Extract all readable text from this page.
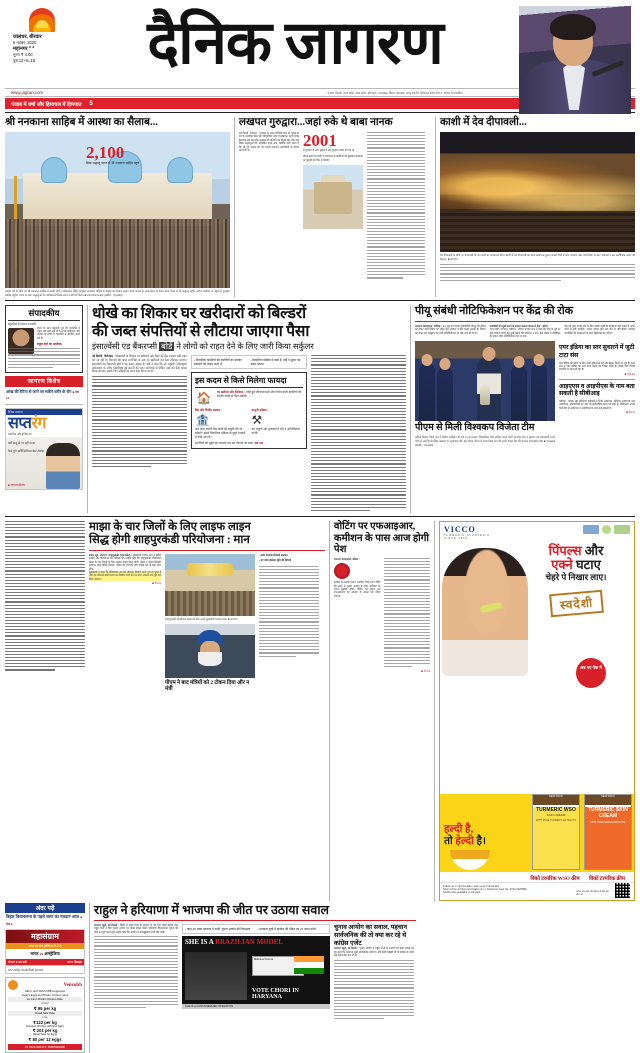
जालंधर, बीरवार
6 नवंबर, 2025
महानगर * *
मूल्य ₹ 4.00
पृष्ठ 12+6=18	दैनिक जागरण
www.jagran.com	पंजाब, दिल्ली, उत्तर प्रदेश, मध्य प्रदेश, हरियाणा, उत्तराखंड, बिहार, झारखंड, जम्मू कश्मीर, हिमाचल प्रदेश और प. बंगाल से प्रकाशित
पंजाब में वर्षा और हिमाचल में हिमपात	5
श्री ननकाना साहिब में आस्था का सैलाब...
2,100
सिख श्रद्धालु भारत से श्री ननकाना साहिब पहुंचे
प्रकाश पर्व के मौके पर श्री ननकाना साहिब में उमड़ी संगत। पाकिस्तान स्थित गुरुद्वारा ननकाना साहिब में आस्था का सैलाब उमड़ा। बाबा नानक के जन्म स्थान के दर्शन करने भारत से भी श्रद्धालु पहुंचे। जत्था जत्थेदार के नेतृत्व में गुरुद्वारा साहिब पहुंचा। भारत से आए श्रद्धालुओं का पाकिस्तानी सिख संगत ने स्वागत किया। ■ जागरण/एएनआइ (तस्वीर : एएनआइ)
लखपत गुरुद्वारा...जहां रुके थे बाबा नानक
नई दिल्ली, जागरण : गुजरात के उत्तर-पश्चिमी छोर पर कच्छ के रण के नजदीक बसा एक ऐतिहासिक शहर है लखपत। कभी संपन्न बंदरगाह रहा यह शहर लखपत दो सदियों तक वीरान रहा। फिर यह सिख श्रद्धालुओं को आकर्षित करने लगा, क्योंकि माना जाता है कि श्री गुरु नानक देव जी अपनी यात्राओं (उदासियों) के दौरान यहां रुके थे।
2001
में गुजरात में आए भूकंप में यह गुरुद्वारा ध्वस्त हो गया था
सीएम बनने पर मोदी ने राजस्थान से कारीगरों को बुलाकर करवाया था गुरुद्वारे का फिर से निर्माण
काशी में देव दीपावली...
देव दीपावली के मौके पर वाराणसी के गंगा घाटों पर जगमगाते दीये। काशी में देव दीपावली का भव्य आयोजन हुआ। लाखों दीयों से घाट जगमगा उठे। देश-विदेश से आए पर्यटकों ने इस अलौकिक नजारे को निहारा। ■ जागरण
संपादकीय
बहुजनियों की कैलाश राजनीति:
राज्य के साथ बहुजनी चुप ही राजनीति में उभरा लगे और अब तो वे अपने कार्यकर्ता और दलितों के लोगों में राजनीति में स्थापित करने लगे हैं।
राहुल वर्मा का आलेख।
जागरण विशेष
आंख की रेटिना से जाने जा सकेंगे शरीर के रोग ■ पेज 11
दैनिक जागरण
सप्तरंग
तकनीक और दुनिया का
क्यों बाजुओं पर नहीं गएगा
कैसे चुनें आर्टिफिशियल बेस्ट टेबलेट
■ जागरण/विशेष
धोखे का शिकार घर खरीदारों को बिल्डरों
की जब्त संपत्तियों से लौटाया जाएगा पैसा
इंसाल्वेंसी एंड बैंकरप्सी बोर्ड ने लोगों को राहत देने के लिए जारी किया सर्कुलर
नई दिल्ली, पीटीआइ : धोखाधड़ी के शिकार घर खरीदारों और बैंकों को केंद्र सरकार बड़ी राहत देने जा रही है। बिल्डरों की जब्त संपत्तियों से अब घर खरीदारों को पैसा लौटाया जाएगा। इंसाल्वेंसी एंड बैंकरप्सी बोर्ड ने यह कदम उठाया है। बोर्ड ने कहा कि नए सर्कुलर रेजोल्यूशन प्रोफेशनल के जरिए दिवालिया हुई कंपनी की जब्त संपत्तियों से पीड़ित पक्षों को पैसा वापस किया जाएगा। इसके लिए प्रक्रिया को सरल बना दिया गया है।
• दिवालिया कंपनियों की संपत्तियों का उपयोग हक़दारों को वापस करने में
• दिवालिया प्रक्रिया में कमी है, बोर्ड ने सुधार का कदम उठाया
इस कदम से किसे मिलेगा फायदा
🏠	घर खरीदार और निवेशक : रुकी हुई परियोजनाओं और निवेश वाली कंपनियों की संपत्ति जल्दी से मिल सकेगी।
बैंक और वित्तीय संस्थान :
🏦
अब जब्त संपत्ति बैंक कर्जों की वसूली की जा सकेगी। इससे दिवालिया प्रक्रिया के दूसरे मामलों में तेजी आएगी।
कानूनी प्रक्रिया :
⚒
कर वसूली और मुकदमों में देरी व अनिश्चितता घटेगी।
संपत्तियों को मुक्त कर प्रचलन पथ को लौटाया जा सके। जब एक
पीयू संबंधी नोटिफिकेशन पर केंद्र की रोक
जागरण संवाददाता, चंडीगढ़ : 14 जून को पंजाब यूनिवर्सिटी (पीयू) की सीनेट को लेकर जारी विवाद को लेकर केंद्र सरकार ने बड़ा कदम उठाया है। विवाद को लेकर 28 अक्टूबर को जारी नोटिफिकेशन पर रोक लगा दी गई है।
पंजाबियों को मुर्ख बनाने के बजाय फैसला वापस ले केंद्र : सीएम
राज्य बड़ी, जागरण- चंडीगढ़ : सीएम भगवंत मान ने कहा कि पीयू के मुद्दे पर केंद्र सरकार लोगों को मुर्ख बनाने की कोशिश न करे। केंद्र सीनेट व सिंडिकेट को लेकर जारी नोटिफिकेशन को रद करे।
केंद्र को तुरंत वापस लेने के लिए उसके शब्दों के इस्तेमाल वाले शब्दों से अपने वादों से नहीं भटकेंगे। आदेश वापस होने तक चैन से नहीं बैठेंगे। सरकार पंजाबियों की भावनाओं के साथ खिलवाड़ कर रही है।
पीएम से मिली विश्वकप विजेता टीम
महिला क्रिकेट विश्व कप में दक्षिण अफ्रीका को 52 रन से हराकर ऐतिहासिक जीत हासिल करने वाली भारतीय टीम ने बुधवार को प्रधानमंत्री नरेन्द्र मोदी से नई दिल्ली स्थित आवास पर मुलाकात की। इस दौरान पीएम के साथ विश्व कप की ट्राफी पकड़े टीम की कप्तान हरमनप्रीत कौर ■ एएनआइ (तस्वीर : एएनआइ)
एयर इंडिया का स्तर सुधारने में जुटी टाटा संस
एयर इंडिया की उड़ान के लिए यात्री सुविधाओं को और बेहतर किया जा रहा है। टाटा संस ने एयर इंडिया का स्तर ऊंचा उठाने का जिम्मा लिया है। इसके लिए विशेष रणनीति पर काम हो रहा है।
■ पेज-11
आइएएस व आइपीएस के नाम बता सकती है सीबीआइ
चंडीगढ़ : पंजाब और हरियाणा हाईकोर्ट ने निजी अस्पताल, सीनियर आइएएस तथा आइपीएस अधिकारियों का नाम भी सार्वजनिक करने को कहा है। सीबीआइ अपनी चार्जशीट में आइएएस व आइपीएस के नाम बता सकती है।
■ पेज-2
माझा के चार जिलों के लिए लाइफ लाइन
सिद्ध होगी शाहपुरकंडी परियोजना : मान
संवाद सूत्र, जागरण- शाहपुरकंडी (पठानकोट) : मुख्यमंत्री भगवंत मान ने राष्ट्रीय स्तरीय और परियोजना की समीक्षा की। उन्होंने कहा कि शाहपुरकंडी परियोजना माझा के चार जिलों के लिए लाइफ लाइन सिद्ध होगी। इससे न केवल बिजली उत्पादन होगा बल्कि सिंचाई, पर्यटन को रोजगार और पंजाब को भी बड़ा लाभ होगा।
मुख्यमंत्री ने कहा कि परियोजना का 80 प्रतिशत निर्माण कार्य पूरा हो चुका है और 20 प्रतिशत बाकी काम का निर्माण कार्य को 31 मार्च, 2026 तक पूरा कर लिया जाएगा।
■ पेज-6
शाहपुरकंडी परियोजना स्थल का दौरा करते मुख्यमंत्री भगवंत मान। ■ जागरण
पीएम ने बाद मंत्रियों को 2 टोकन दिया और न मंत्री
• 206 मेगावाट बिजली उत्पादन
• 37,000 हेक्टेयर भूमि की सिंचाई
वोटिंग पर एफआइआर,
कमीशन के पास आज होगी पेश
जागरण संवाददाता, बठिंडा :
कांग्रेस के पंजाब प्रधान अमरिंदर सिंह राजा वड़िंग की तरफ से चुनाव आयोग में दायर याचिका पर आज सुनवाई होगी। वोटिंग को लेकर दर्ज एफआइआर को आयोग के समक्ष पेश किया जाएगा।
■ पेज-2
VICCO
TURMERIC AYURVEDIC
SINCE 1952
पिंपल्स और
एक्ने घटाए
चेहरे पे निखार लाए।
स्वदेशी
अब नए पैक में
हल्दी है,
तो हेल्दी है।
NEW PACK
TURMERIC WSO
SKIN CREAM
WITH PURE TURMERIC EXTRACTS
NEW PACK
TURMERIC SKIN CREAM
WITH PURE SANDALWOOD OIL
विको टरमरिक WSO क्रीम	विको टरमरिक क्रीम
Follow us on @viccolabs • Like us on /ViccoLabs
Shop online at https://viccolabs.com • Customer Care No. 0712-2420896
Stocks also available in old pack.	अधिक जानकारी और खरीदने के लिए यहां स्कैन करें
अंदर पढ़ें
बिहार विधानसभा के पहले चरण का मतदान आज ■ पेज-9
महासंग्राम
आज का मैच (सीरीज टी-20)
भारत vs आस्ट्रेलिया
दोपहर 1:45 बजे	स्थान: कैनबरा
स्टार स्पोर्ट्स नेटवर्क/जियो हाटस्टार
Vencobb
NECC and VENCOBB suggestive
today's Eggs and Broiler Chicken rates
Ex Farm Broiler Chicken Rate
(2 Kg)
₹ 95 per kg
Retail Sale Rate
Live
₹122 per kg
Dressed Chicken (Without Skin)
₹ 201 per kg
Retail Rate for Eggs
₹ 80 per 12 eggs
M: 09041901379, 09855965088
राहुल ने हरियाणा में भाजपा की जीत पर उठाया सवाल
जागरण ब्यूरो, नई दिल्ली : बिहार में पहले चरण के मतदान से एक दिन पहले कांग्रेस नेता राहुल गांधी ने फिर चुनाव आयोग पर तीखा हमला बोला। हरियाणा विधानसभा चुनाव की चोरी का मुद्दा उठाते हुए उन्होंने कहा कि आयोग ने जानबूझकर फर्जी वोट जोड़े।
• कहा-25 लाख मतदाता में फर्जी, चुनाव आयोग की निष्पक्षता	• मतदाता सूची में ब्राजील की मॉडल का 22 जगह फोटो
SHE IS A BRAZILIAN MODEL
Matheus Ferrero
VOTE CHORI IN HARYANA
SHE IS A CONTAINERIZED OPERATION
चुनाव आयोग का सवाल, पहचान सार्वजनिक की तो क्या कर रहे थे कांग्रेस एजेंट
जागरण ब्यूरो, नई दिल्ली : चुनाव आयोग ने राहुल गांधी के आरोपों का कड़ा जवाब देते हुए कहा कि मतदाता सूची सार्वजनिक होती है। यदि कोई गड़बड़ी थी तो कांग्रेस के एजेंट उस समय क्या कर रहे थे।
